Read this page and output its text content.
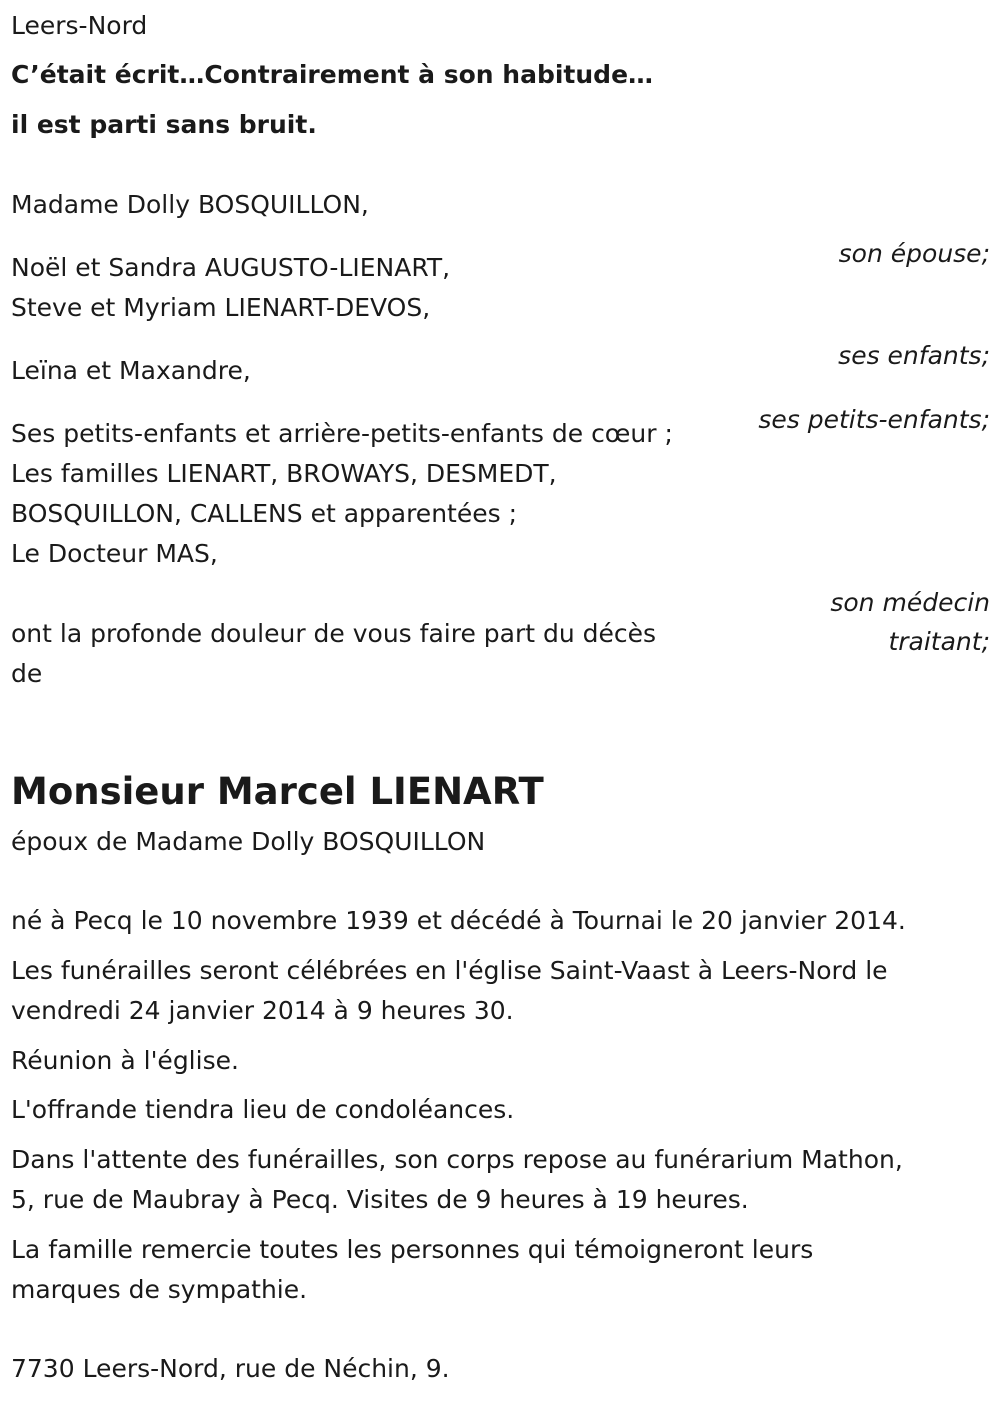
Leers-Nord

C’était écrit…Contrairement à son habitude…

il est parti sans bruit.

Madame Dolly BOSQUILLON,

son épouse;

Noël et Sandra AUGUSTO-LIENART,

Steve et Myriam LIENART-DEVOS,

ses enfants;

Leïna et Maxandre,

ses petits-enfants;

Ses petits-enfants et arrière-petits-enfants de cœur ;

Les familles LIENART, BROWAYS, DESMEDT,

BOSQUILLON, CALLENS et apparentées ;

Le Docteur MAS,

son médecin

traitant;

ont la profonde douleur de vous faire part du décès

de

Monsieur Marcel LIENART

époux de Madame Dolly BOSQUILLON

né à Pecq le 10 novembre 1939 et décédé à Tournai le 20 janvier 2014.

Les funérailles seront célébrées en l'église Saint-Vaast à Leers-Nord le

vendredi 24 janvier 2014 à 9 heures 30.

Réunion à l'église.

L'offrande tiendra lieu de condoléances.

Dans l'attente des funérailles, son corps repose au funérarium Mathon,

5, rue de Maubray à Pecq. Visites de 9 heures à 19 heures.

La famille remercie toutes les personnes qui témoigneront leurs

marques de sympathie.

7730 Leers-Nord, rue de Néchin, 9.
